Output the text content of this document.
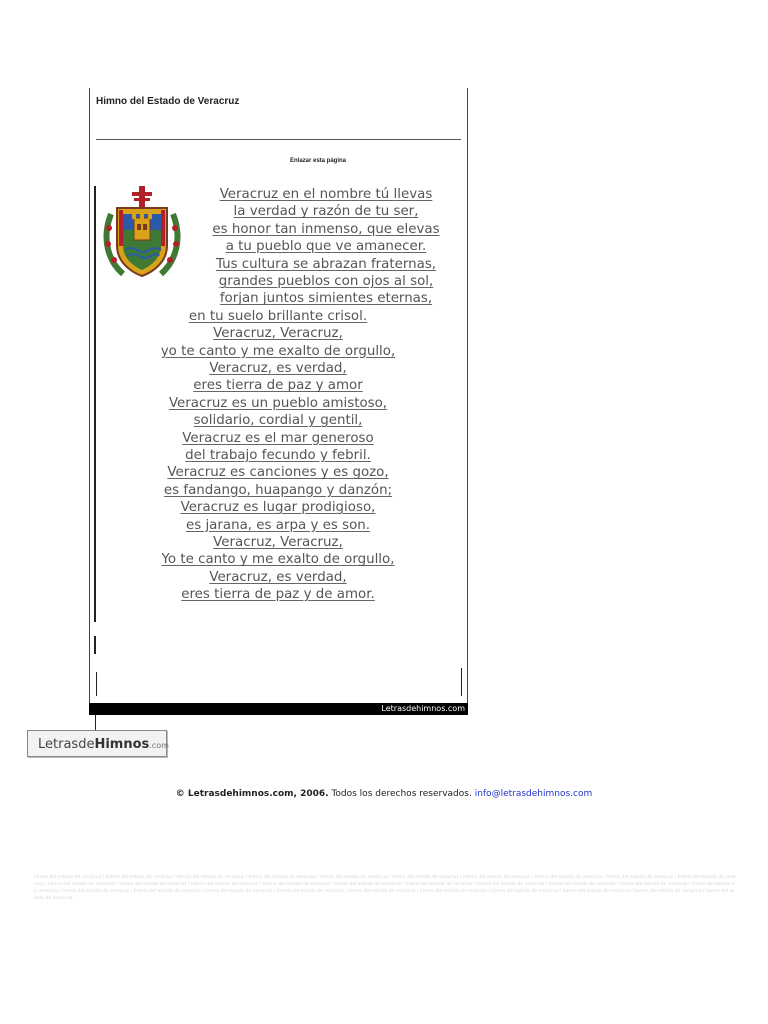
Himno del Estado de Veracruz
Enlazar esta página
Veracruz en el nombre tú llevas
la verdad y razón de tu ser,
es honor tan inmenso, que elevas
a tu pueblo que ve amanecer.
Tus cultura se abrazan fraternas,
grandes pueblos con ojos al sol,
forjan juntos simientes eternas,
en tu suelo brillante crisol.
Veracruz, Veracruz,
yo te canto y me exalto de orgullo,
Veracruz, es verdad,
eres tierra de paz y amor
Veracruz es un pueblo amistoso,
solidario, cordial y gentil,
Veracruz es el mar generoso
del trabajo fecundo y febril.
Veracruz es canciones y es gozo,
es fandango, huapango y danzón;
Veracruz es lugar prodigioso,
es jarana, es arpa y es son.
Veracruz, Veracruz,
Yo te canto y me exalto de orgullo,
Veracruz, es verdad,
eres tierra de paz y de amor.
Letrasdehimnos.com
LetrasdeHimnos.com
© Letrasdehimnos.com, 2006. Todos los derechos reservados. info@letrasdehimnos.com
himno del estado de veracruz / himno del estado de veracruz / himno del estado de veracruz / himno del estado de veracruz / himno del estado de veracruz / himno del estado de veracruz / himno del estado de veracruz / himno del estado de veracruz / himno del estado de veracruz / himno del estado de veracruz / himno del estado de veracruz / himno del estado de veracruz / himno del estado de veracruz / himno del estado de veracruz / himno del estado de veracruz / himno del estado de veracruz / himno del estado de veracruz / himno del estado de veracruz / himno del estado de veracruz / himno del estado de veracruz / himno del estado de veracruz / himno del estado de veracruz / himno del estado de veracruz / himno del estado de veracruz / himno del estado de veracruz / himno del estado de veracruz / himno del estado de veracruz / himno del estado de veracruz / himno del estado de veracruz / himno del estado de veracruz
